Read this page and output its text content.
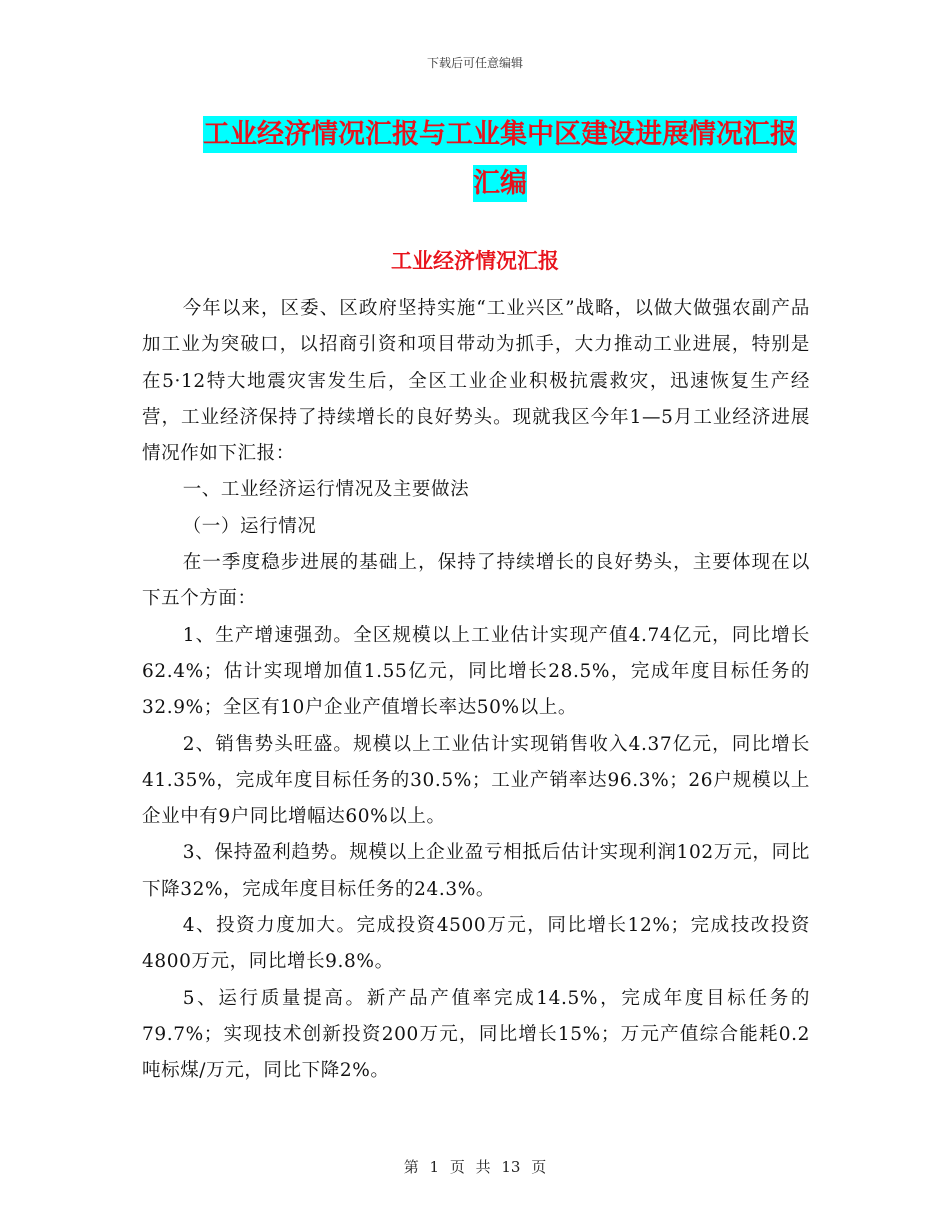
下载后可任意编辑
工业经济情况汇报与工业集中区建设进展情况汇报汇编
工业经济情况汇报

今年以来，区委、区政府坚持实施“工业兴区”战略，以做大做强农副产品加工业为突破口，以招商引资和项目带动为抓手，大力推动工业进展，特别是在5·12特大地震灾害发生后，全区工业企业积极抗震救灾，迅速恢复生产经营，工业经济保持了持续增长的良好势头。现就我区今年1—5月工业经济进展情况作如下汇报：

一、工业经济运行情况及主要做法

（一）运行情况

在一季度稳步进展的基础上，保持了持续增长的良好势头，主要体现在以下五个方面：

1、生产增速强劲。全区规模以上工业估计实现产值4.74亿元，同比增长62.4%；估计实现增加值1.55亿元，同比增长28.5%，完成年度目标任务的32.9%；全区有10户企业产值增长率达50%以上。

2、销售势头旺盛。规模以上工业估计实现销售收入4.37亿元，同比增长41.35%，完成年度目标任务的30.5%；工业产销率达96.3%；26户规模以上企业中有9户同比增幅达60%以上。

3、保持盈利趋势。规模以上企业盈亏相抵后估计实现利润102万元，同比下降32%，完成年度目标任务的24.3%。

4、投资力度加大。完成投资4500万元，同比增长12%；完成技改投资4800万元，同比增长9.8%。

5、运行质量提高。新产品产值率完成14.5%，完成年度目标任务的79.7%；实现技术创新投资200万元，同比增长15%；万元产值综合能耗0.2吨标煤/万元，同比下降2%。

第 1 页 共 13 页
